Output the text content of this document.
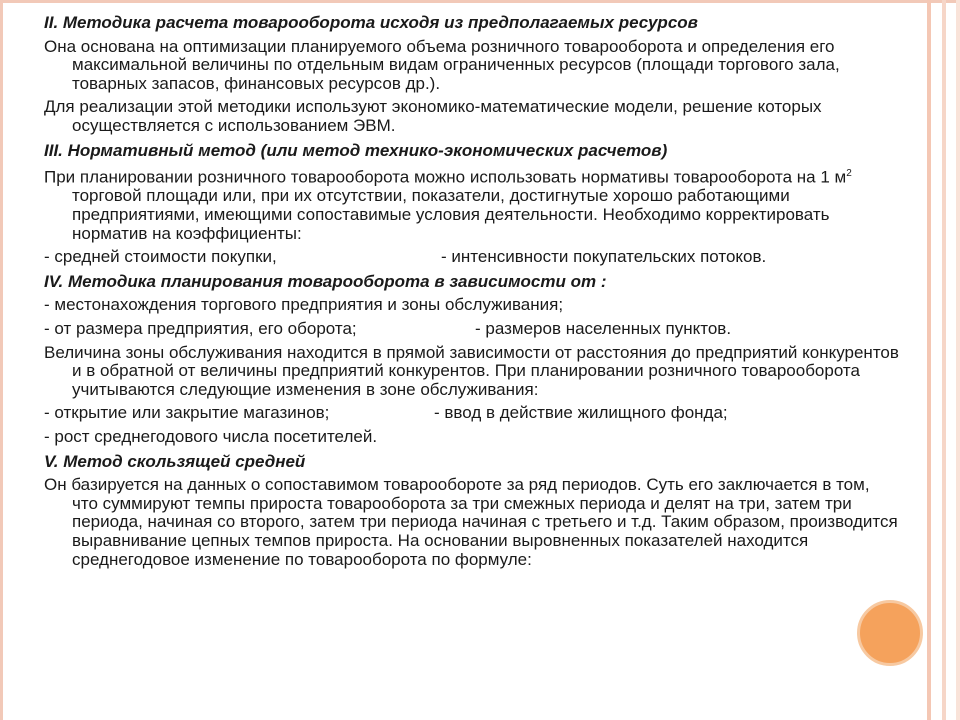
II. Методика расчета товарооборота исходя из предполагаемых ресурсов
Она основана на оптимизации планируемого объема розничного товарооборота и определения его максимальной величины по отдельным видам ограниченных ресурсов (площади торгового зала, товарных запасов, финансовых ресурсов др.).
Для реализации этой методики используют экономико-математические модели, решение которых осуществляется с использованием ЭВМ.
III. Нормативный метод (или метод технико-экономических расчетов)
При планировании розничного товарооборота можно использовать нормативы товарооборота на 1 $м^2$ торговой площади или, при их отсутствии, показатели, достигнутые хорошо работающими предприятиями, имеющими сопоставимые условия деятельности. Необходимо корректировать норматив на коэффициенты:
- средней стоимости покупки,	- интенсивности покупательских потоков.
IV. Методика планирования товарооборота в зависимости от :
- местонахождения торгового предприятия и зоны обслуживания;
- от размера предприятия, его оборота;	- размеров населенных пунктов.
Величина зоны обслуживания находится в прямой зависимости от расстояния до предприятий конкурентов и в обратной от величины предприятий конкурентов. При планировании розничного товарооборота учитываются следующие изменения в зоне обслуживания:
- открытие или закрытие магазинов;	- ввод в действие жилищного фонда;
- рост среднегодового числа посетителей.
V. Метод скользящей средней
Он базируется на данных о сопоставимом товарообороте за ряд периодов. Суть его заключается в том, что суммируют темпы прироста товарооборота за три смежных периода и делят на три, затем три периода, начиная со второго, затем три периода начиная с третьего и т.д. Таким образом, производится выравнивание цепных темпов прироста. На основании выровненных показателей находится среднегодовое изменение по товарооборота по формуле:
